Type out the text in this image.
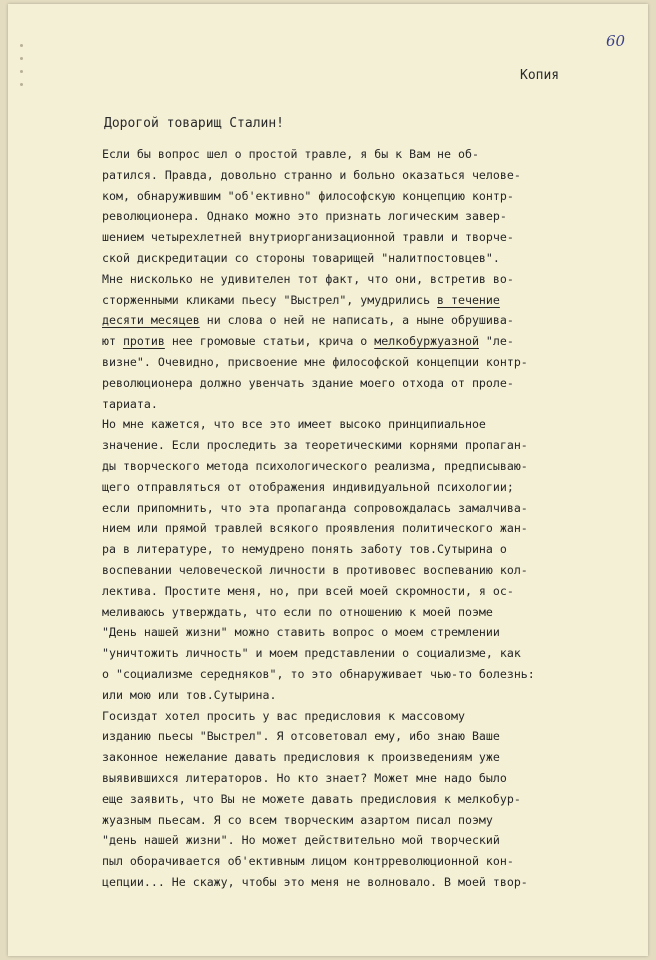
60
Копия
Дорогой товарищ Сталин!
Если бы вопрос шел о простой травле, я бы к Вам не об-
ратился. Правда, довольно странно и больно оказаться челове-
ком, обнаружившим "об'ективно" философскую концепцию контр-
революционера. Однако можно это признать логическим завер-
шением четырехлетней внутриорганизационной травли и творче-
ской дискредитации со стороны товарищей "налитпостовцев".
Мне нисколько не удивителен тот факт, что они, встретив во-
сторженными кликами пьесу "Выстрел", умудрились в течение
десяти месяцев ни слова о ней не написать, а ныне обрушива-
ют против нее громовые статьи, крича о мелкобуржуазной "ле-
визне". Очевидно, присвоение мне философской концепции контр-
революционера должно увенчать здание моего отхода от проле-
тариата.
Но мне кажется, что все это имеет высоко принципиальное
значение. Если проследить за теоретическими корнями пропаган-
ды творческого метода психологического реализма, предписываю-
щего отправляться от отображения индивидуальной психологии;
если припомнить, что эта пропаганда сопровождалась замалчива-
нием или прямой травлей всякого проявления политического жан-
ра в литературе, то немудрено понять заботу тов.Сутырина о
воспевании человеческой личности в противовес воспеванию кол-
лектива. Простите меня, но, при всей моей скромности, я ос-
меливаюсь утверждать, что если по отношению к моей поэме
"День нашей жизни" можно ставить вопрос о моем стремлении
"уничтожить личность" и моем представлении о социализме, как
о "социализме середняков", то это обнаруживает чью-то болезнь:
или мою или тов.Сутырина.
Госиздат хотел просить у вас предисловия к массовому
изданию пьесы "Выстрел". Я отсоветовал ему, ибо знаю Ваше
законное нежелание давать предисловия к произведениям уже
выявившихся литераторов. Но кто знает? Может мне надо было
еще заявить, что Вы не можете давать предисловия к мелкобур-
жуазным пьесам. Я со всем творческим азартом писал поэму
"день нашей жизни". Но может действительно мой творческий
пыл оборачивается об'ективным лицом контрреволюционной кон-
цепции... Не скажу, чтобы это меня не волновало. В моей твор-
